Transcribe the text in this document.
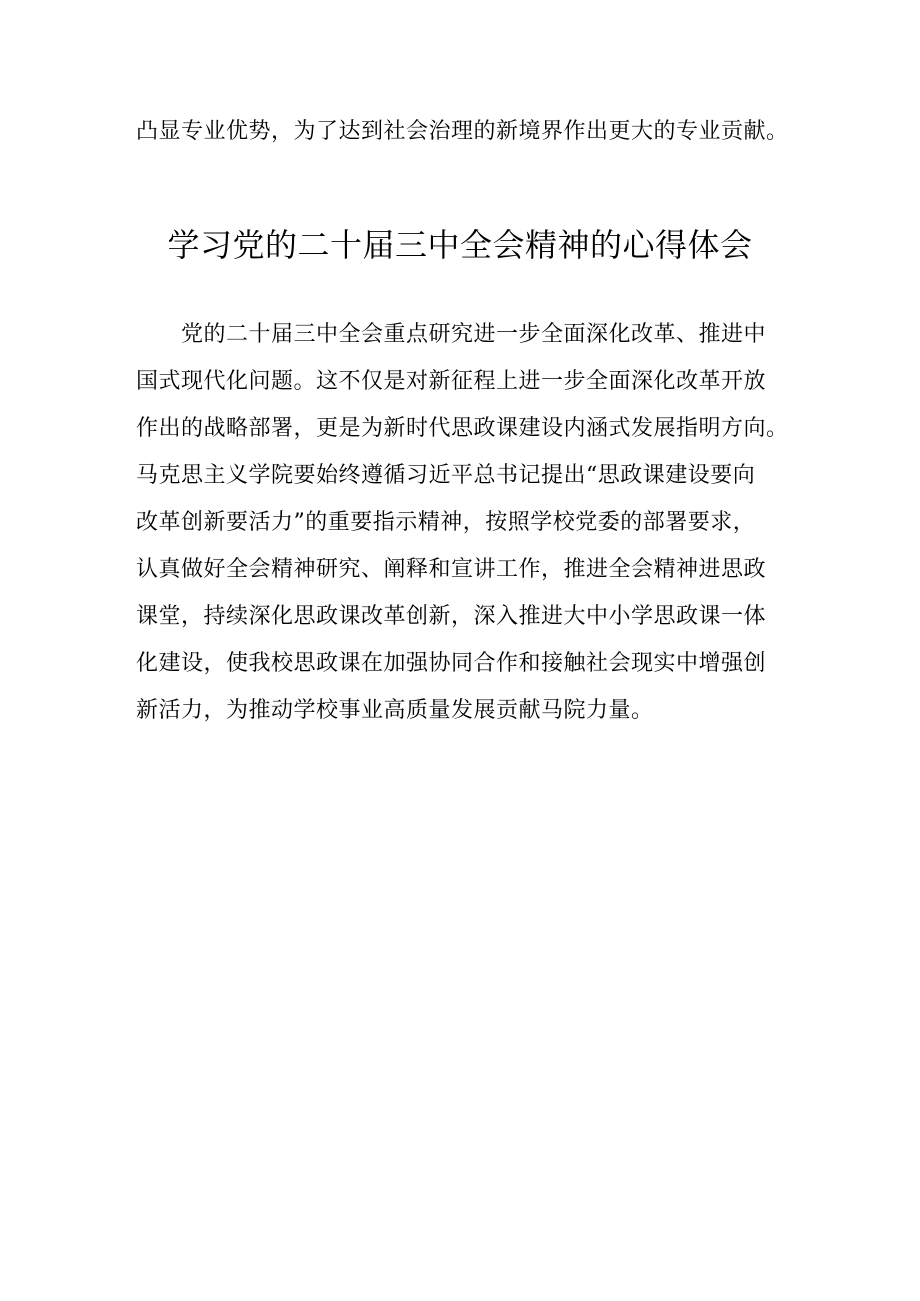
凸显专业优势，为了达到社会治理的新境界作出更大的专业贡献。
学习党的二十届三中全会精神的心得体会
党的二十届三中全会重点研究进一步全面深化改革、推进中
国式现代化问题。这不仅是对新征程上进一步全面深化改革开放
作出的战略部署，更是为新时代思政课建设内涵式发展指明方向。
马克思主义学院要始终遵循习近平总书记提出“思政课建设要向
改革创新要活力”的重要指示精神，按照学校党委的部署要求，
认真做好全会精神研究、阐释和宣讲工作，推进全会精神进思政
课堂，持续深化思政课改革创新，深入推进大中小学思政课一体
化建设，使我校思政课在加强协同合作和接触社会现实中增强创
新活力，为推动学校事业高质量发展贡献马院力量。
